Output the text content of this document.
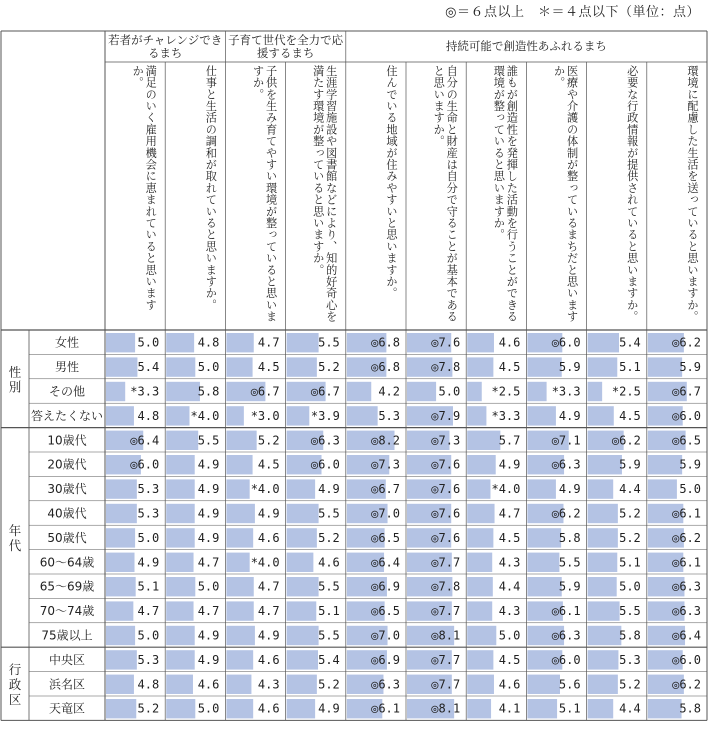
◎＝６点以上　＊＝４点以下（単位：点）
若者がチャレンジできるまち
子育て世代を全力で応援するまち	持続可能で創造性あふれるまち
満足のいく雇用機会に恵まれていると思いますか。	仕事と生活の調和が取れていると思いますか。	子供を生み育てやすい環境が整っていると思いますか。	生涯学習施設や図書館などにより、知的好奇心を満たす環境が整っていると思いますか。	住んでいる地域が住みやすいと思いますか。	自分の生命と財産は自分で守ることが基本であると思いますか。	誰もが創造性を発揮した活動を行うことができる環境が整っていると思いますか。	医療や介護の体制が整っているまちだと思いますか。	必要な行政情報が提供されていると思いますか。	環境に配慮した生活を送っていると思いますか。
性別
女性	5.0	4.8	4.7	5.5	◎6.8	◎7.6	4.6	◎6.0	5.4	◎6.2
男性	5.4	5.0	4.5	5.2	◎6.8	◎7.8	4.5	5.9	5.1	5.9
その他	*3.3	5.8	◎6.7	◎6.7	4.2	5.0	*2.5	*3.3	*2.5	◎6.7
答えたくない	4.8	*4.0	*3.0	*3.9	5.3	◎7.9	*3.3	4.9	4.5	◎6.0
年代
10歳代	◎6.4	5.5	5.2	◎6.3	◎8.2	◎7.3	5.7	◎7.1	◎6.2	◎6.5
20歳代	◎6.0	4.9	4.5	◎6.0	◎7.3	◎7.6	4.9	◎6.3	5.9	5.9
30歳代	5.3	4.9	*4.0	4.9	◎6.7	◎7.6	*4.0	4.9	4.4	5.0
40歳代	5.3	4.9	4.9	5.5	◎7.0	◎7.6	4.7	◎6.2	5.2	◎6.1
50歳代	5.0	4.9	4.6	5.2	◎6.5	◎7.6	4.5	5.8	5.2	◎6.2
60～64歳	4.9	4.7	*4.0	4.6	◎6.4	◎7.7	4.3	5.5	5.1	◎6.1
65～69歳	5.1	5.0	4.7	5.5	◎6.9	◎7.8	4.4	5.9	5.0	◎6.3
70～74歳	4.7	4.7	4.7	5.1	◎6.5	◎7.7	4.3	◎6.1	5.5	◎6.3
75歳以上	5.0	4.9	4.9	5.5	◎7.0	◎8.1	5.0	◎6.3	5.8	◎6.4
行政区
中央区	5.3	4.9	4.6	5.4	◎6.9	◎7.7	4.5	◎6.0	5.3	◎6.0
浜名区	4.8	4.6	4.3	5.2	◎6.3	◎7.7	4.6	5.6	5.2	◎6.2
天竜区	5.2	5.0	4.6	4.9	◎6.1	◎8.1	4.1	5.1	4.4	5.8
